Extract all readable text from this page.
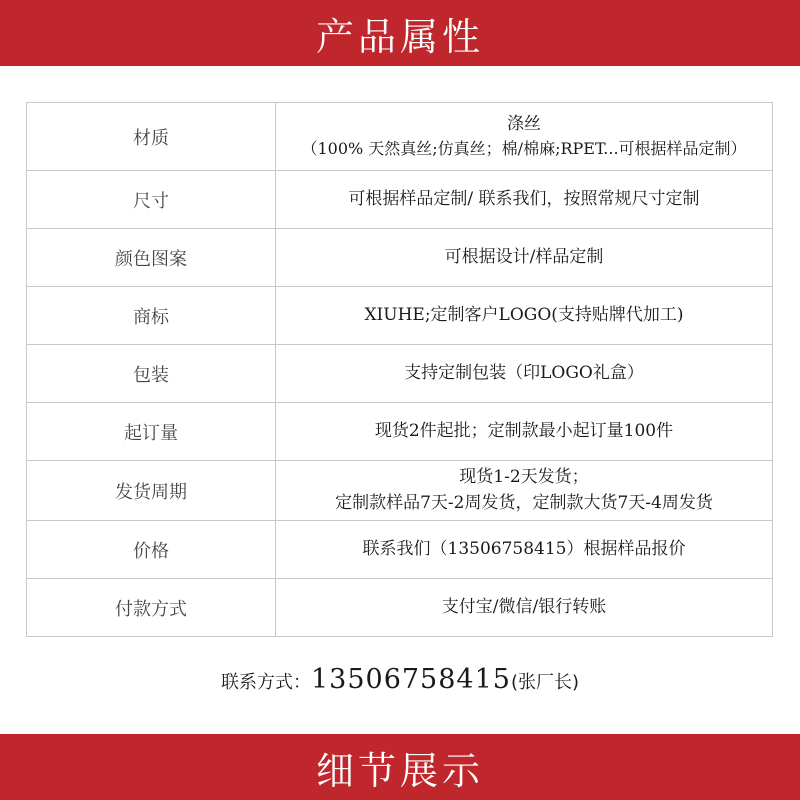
产品属性
材质	涤丝
（100% 天然真丝;仿真丝；棉/棉麻;RPET...可根据样品定制）

尺寸	可根据样品定制/ 联系我们，按照常规尺寸定制

颜色图案	可根据设计/样品定制

商标	XIUHE;定制客户LOGO(支持贴牌代加工)

包装	支持定制包装（印LOGO礼盒）

起订量	现货2件起批；定制款最小起订量100件

发货周期	现货1-2天发货；
定制款样品7天-2周发货，定制款大货7天-4周发货

价格	联系我们（13506758415）根据样品报价

付款方式	支付宝/微信/银行转账
联系方式：13506758415(张厂长)
细节展示
